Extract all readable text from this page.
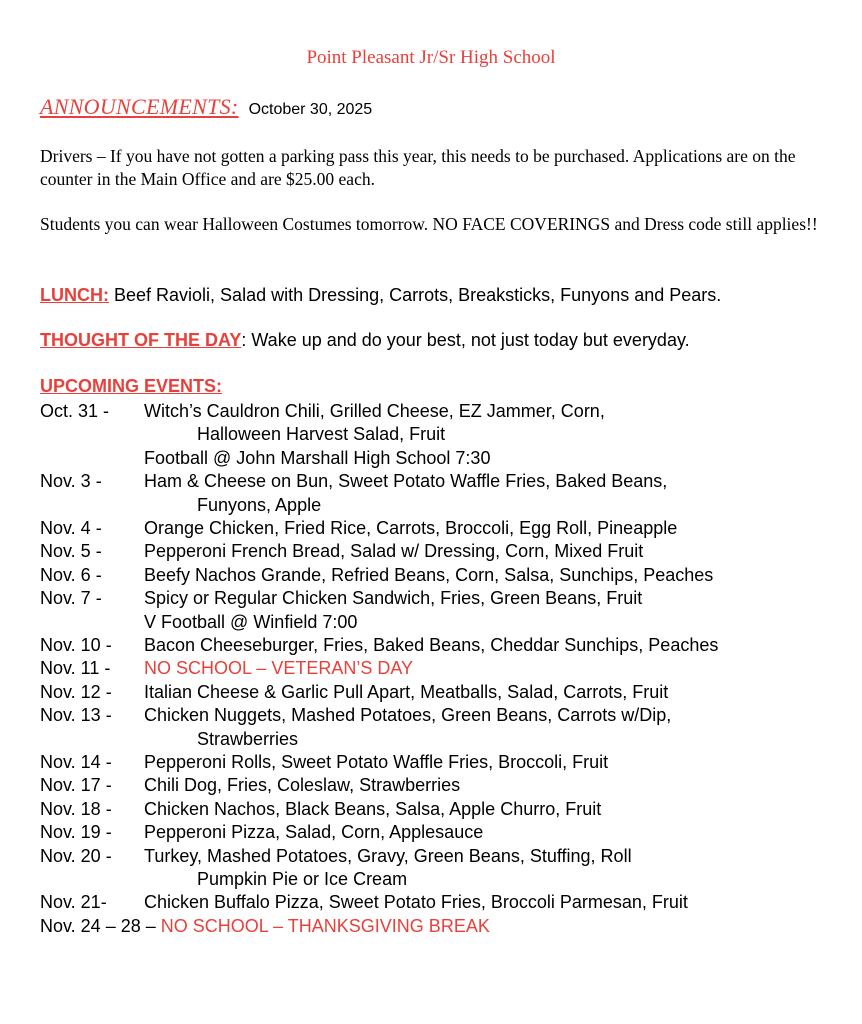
Point Pleasant Jr/Sr High School
ANNOUNCEMENTS: October 30, 2025
Drivers – If you have not gotten a parking pass this year, this needs to be purchased. Applications are on the counter in the Main Office and are $25.00 each.
Students you can wear Halloween Costumes tomorrow. NO FACE COVERINGS and Dress code still applies!!
LUNCH: Beef Ravioli, Salad with Dressing, Carrots, Breaksticks, Funyons and Pears.
THOUGHT OF THE DAY: Wake up and do your best, not just today but everyday.
UPCOMING EVENTS:
Oct. 31 - Witch’s Cauldron Chili, Grilled Cheese, EZ Jammer, Corn,
Halloween Harvest Salad, Fruit
Football @ John Marshall High School 7:30
Nov. 3 - Ham & Cheese on Bun, Sweet Potato Waffle Fries, Baked Beans,
Funyons, Apple
Nov. 4 - Orange Chicken, Fried Rice, Carrots, Broccoli, Egg Roll, Pineapple
Nov. 5 - Pepperoni French Bread, Salad w/ Dressing, Corn, Mixed Fruit
Nov. 6 - Beefy Nachos Grande, Refried Beans, Corn, Salsa, Sunchips, Peaches
Nov. 7 - Spicy or Regular Chicken Sandwich, Fries, Green Beans, Fruit
V Football @ Winfield 7:00
Nov. 10 - Bacon Cheeseburger, Fries, Baked Beans, Cheddar Sunchips, Peaches
Nov. 11 - NO SCHOOL – VETERAN’S DAY
Nov. 12 - Italian Cheese & Garlic Pull Apart, Meatballs, Salad, Carrots, Fruit
Nov. 13 - Chicken Nuggets, Mashed Potatoes, Green Beans, Carrots w/Dip,
Strawberries
Nov. 14 - Pepperoni Rolls, Sweet Potato Waffle Fries, Broccoli, Fruit
Nov. 17 - Chili Dog, Fries, Coleslaw, Strawberries
Nov. 18 - Chicken Nachos, Black Beans, Salsa, Apple Churro, Fruit
Nov. 19 - Pepperoni Pizza, Salad, Corn, Applesauce
Nov. 20 - Turkey, Mashed Potatoes, Gravy, Green Beans, Stuffing, Roll
Pumpkin Pie or Ice Cream
Nov. 21- Chicken Buffalo Pizza, Sweet Potato Fries, Broccoli Parmesan, Fruit
Nov. 24 – 28 – NO SCHOOL – THANKSGIVING BREAK
